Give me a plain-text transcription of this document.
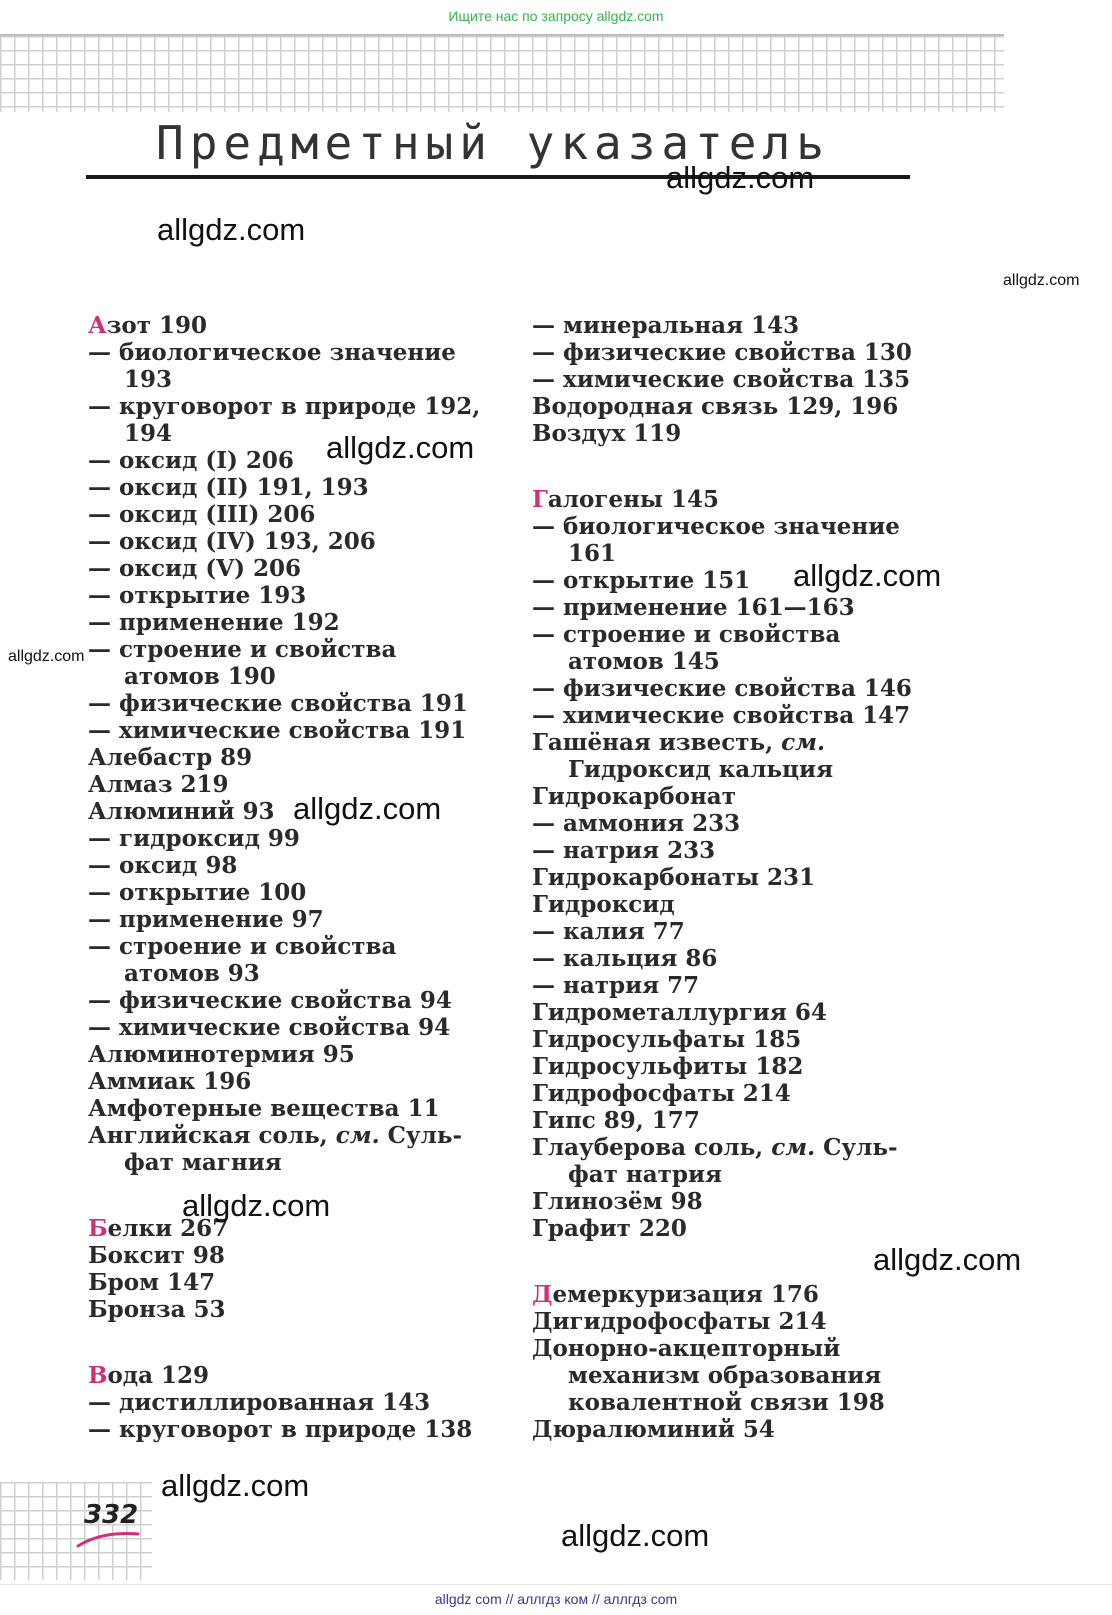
Ищите нас по запросу allgdz.com
Предметный указатель
Азот 190
— биологическое значение
193
— круговорот в природе 192,
194
— оксид (I) 206
— оксид (II) 191, 193
— оксид (III) 206
— оксид (IV) 193, 206
— оксид (V) 206
— открытие 193
— применение 192
— строение и свойства
атомов 190
— физические свойства 191
— химические свойства 191
Алебастр 89
Алмаз 219
Алюминий 93
— гидроксид 99
— оксид 98
— открытие 100
— применение 97
— строение и свойства
атомов 93
— физические свойства 94
— химические свойства 94
Алюминотермия 95
Аммиак 196
Амфотерные вещества 11
Английская соль, см. Суль-
фат магния
Белки 267
Боксит 98
Бром 147
Бронза 53
Вода 129
— дистиллированная 143
— круговорот в природе 138
— минеральная 143
— физические свойства 130
— химические свойства 135
Водородная связь 129, 196
Воздух 119
Галогены 145
— биологическое значение
161
— открытие 151
— применение 161—163
— строение и свойства
атомов 145
— физические свойства 146
— химические свойства 147
Гашёная известь, см.
Гидроксид кальция
Гидрокарбонат
— аммония 233
— натрия 233
Гидрокарбонаты 231
Гидроксид
— калия 77
— кальция 86
— натрия 77
Гидрометаллургия 64
Гидросульфаты 185
Гидросульфиты 182
Гидрофосфаты 214
Гипс 89, 177
Глауберова соль, см. Суль-
фат натрия
Глинозём 98
Графит 220
Демеркуризация 176
Дигидрофосфаты 214
Донорно-акцепторный
механизм образования
ковалентной связи 198
Дюралюминий 54
allgdz.com
allgdz.com
allgdz.com
allgdz.com
allgdz.com
allgdz.com
allgdz.com
allgdz.com
allgdz.com
allgdz.com
allgdz.com
332
allgdz com // аллгдз ком // аллгдз com
